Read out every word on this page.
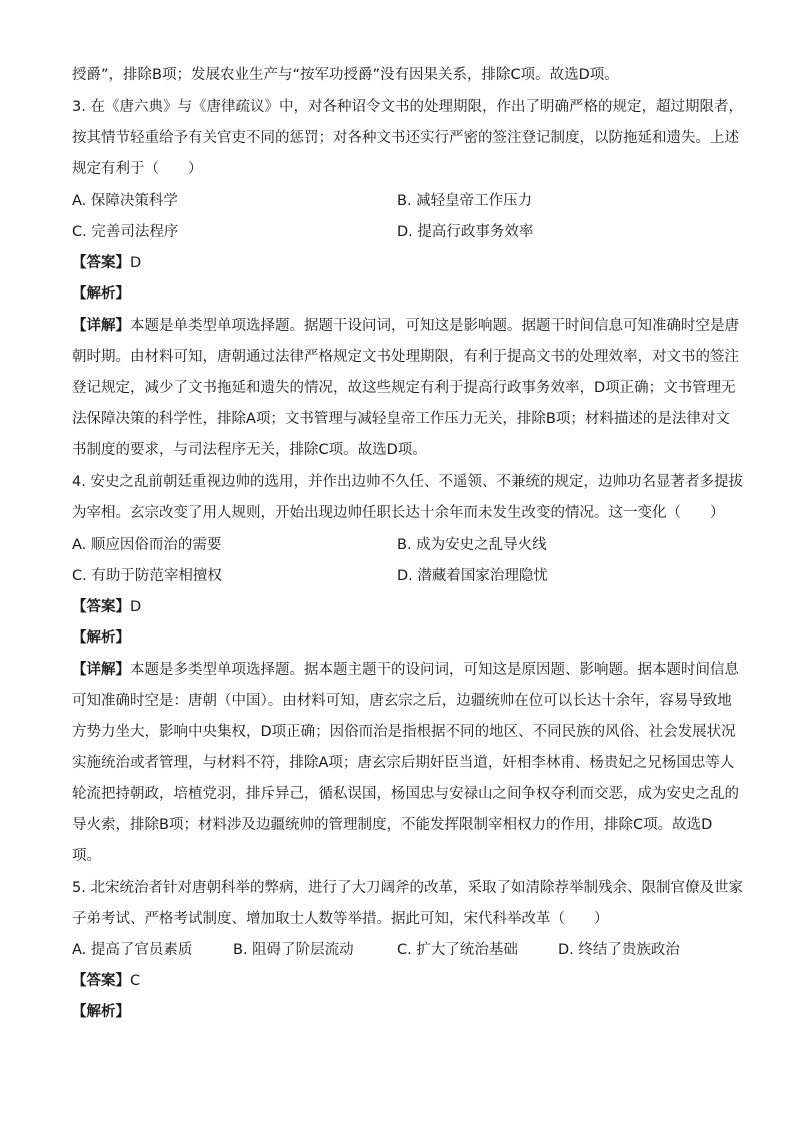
授爵”，排除B项；发展农业生产与“按军功授爵”没有因果关系，排除C项。故选D项。
3. 在《唐六典》与《唐律疏议》中，对各种诏令文书的处理期限，作出了明确严格的规定，超过期限者，
按其情节轻重给予有关官吏不同的惩罚；对各种文书还实行严密的签注登记制度，以防拖延和遗失。上述
规定有利于（　　）
A. 保障决策科学	B. 减轻皇帝工作压力
C. 完善司法程序	D. 提高行政事务效率
【答案】D
【解析】
【详解】本题是单类型单项选择题。据题干设问词，可知这是影响题。据题干时间信息可知准确时空是唐
朝时期。由材料可知，唐朝通过法律严格规定文书处理期限，有利于提高文书的处理效率，对文书的签注
登记规定，减少了文书拖延和遗失的情况，故这些规定有利于提高行政事务效率，D项正确；文书管理无
法保障决策的科学性，排除A项；文书管理与减轻皇帝工作压力无关，排除B项；材料描述的是法律对文
书制度的要求，与司法程序无关，排除C项。故选D项。
4. 安史之乱前朝廷重视边帅的选用，并作出边帅不久任、不遥领、不兼统的规定，边帅功名显著者多提拔
为宰相。玄宗改变了用人规则，开始出现边帅任职长达十余年而未发生改变的情况。这一变化（　　）
A. 顺应因俗而治的需要	B. 成为安史之乱导火线
C. 有助于防范宰相擅权	D. 潜藏着国家治理隐忧
【答案】D
【解析】
【详解】本题是多类型单项选择题。据本题主题干的设问词，可知这是原因题、影响题。据本题时间信息
可知准确时空是：唐朝（中国）。由材料可知，唐玄宗之后，边疆统帅在位可以长达十余年，容易导致地
方势力坐大，影响中央集权，D项正确；因俗而治是指根据不同的地区、不同民族的风俗、社会发展状况
实施统治或者管理，与材料不符，排除A项；唐玄宗后期奸臣当道，奸相李林甫、杨贵妃之兄杨国忠等人
轮流把持朝政，培植党羽，排斥异己，循私误国，杨国忠与安禄山之间争权夺利而交恶，成为安史之乱的
导火索，排除B项；材料涉及边疆统帅的管理制度，不能发挥限制宰相权力的作用，排除C项。故选D
项。
5. 北宋统治者针对唐朝科举的弊病，进行了大刀阔斧的改革，采取了如清除荐举制残余、限制官僚及世家
子弟考试、严格考试制度、增加取士人数等举措。据此可知，宋代科举改革（　　）
A. 提高了官员素质	B. 阻碍了阶层流动	C. 扩大了统治基础	D. 终结了贵族政治
【答案】C
【解析】
